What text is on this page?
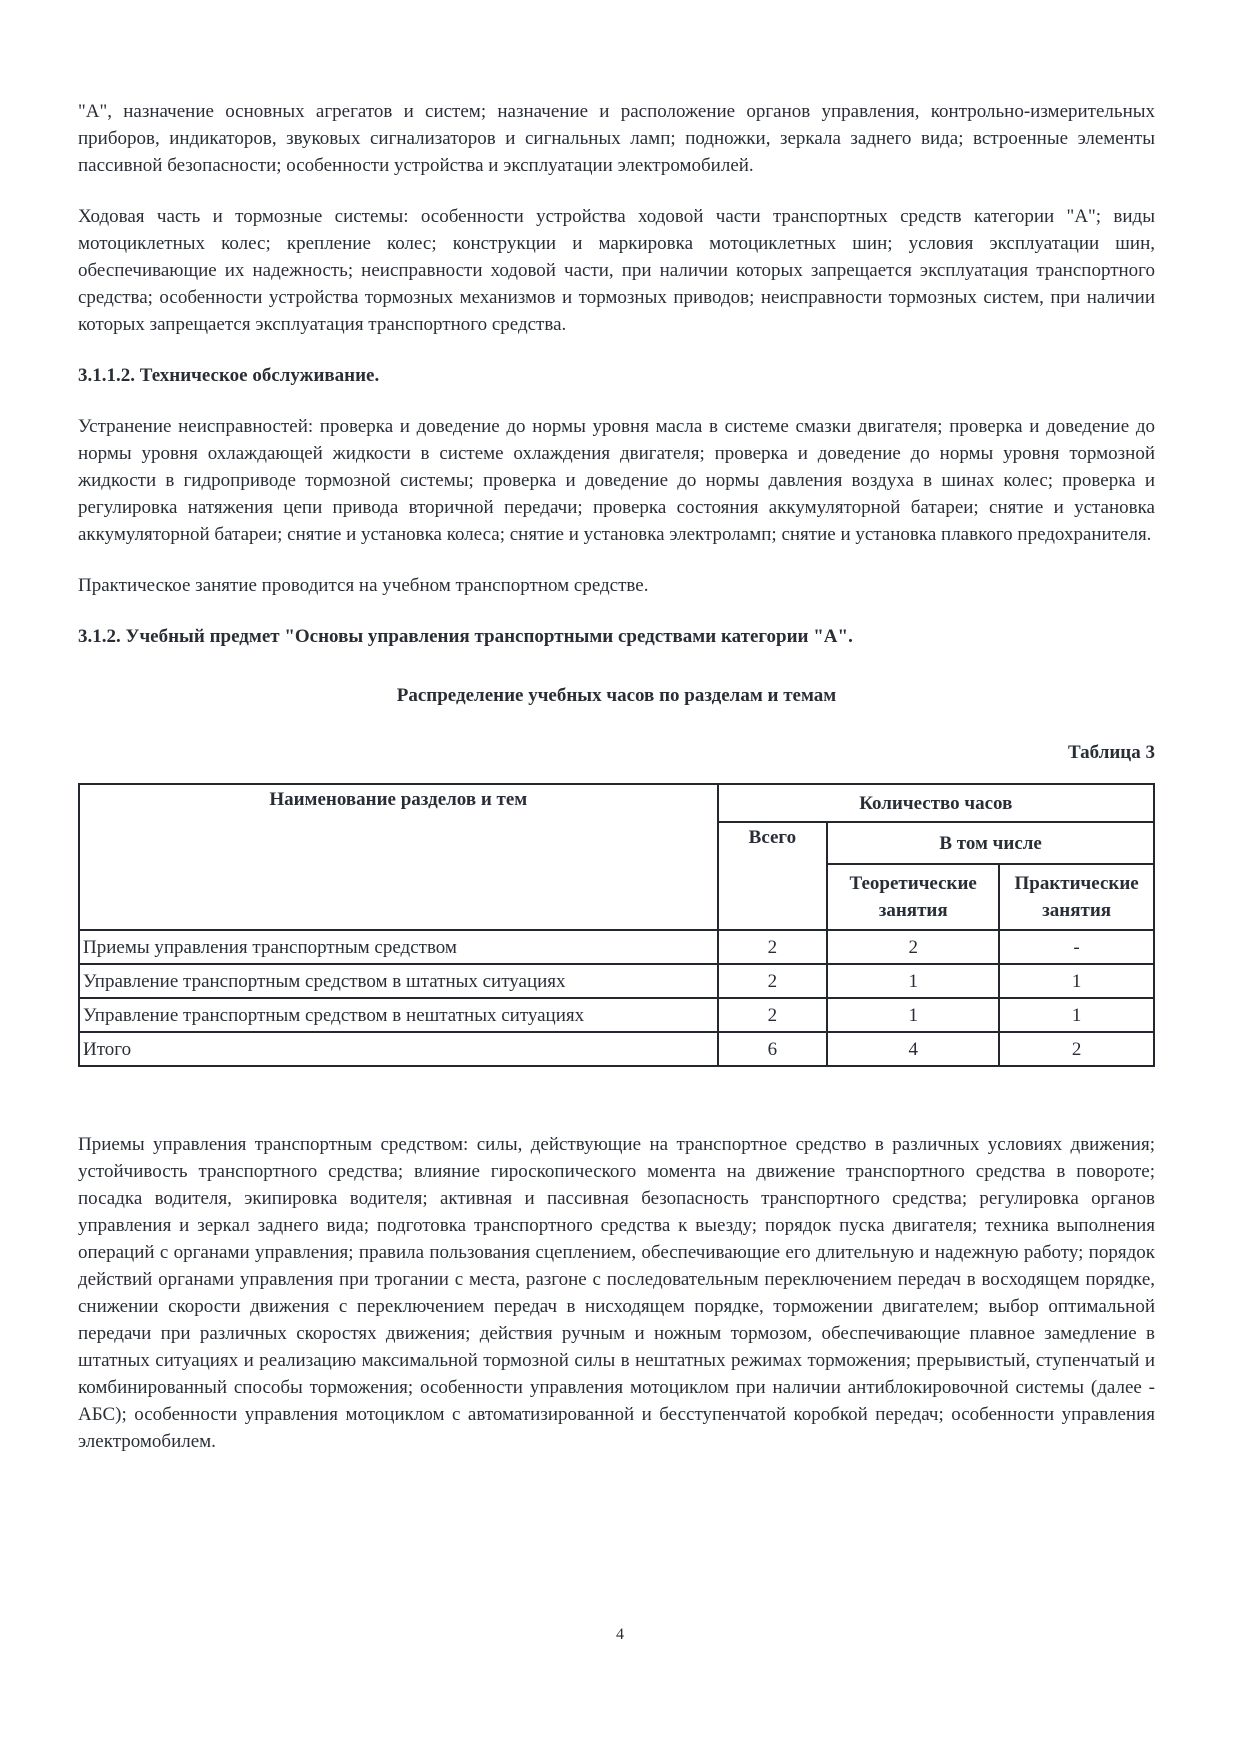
"А", назначение основных агрегатов и систем; назначение и расположение органов управления, контрольно-измерительных приборов, индикаторов, звуковых сигнализаторов и сигнальных ламп; подножки, зеркала заднего вида; встроенные элементы пассивной безопасности; особенности устройства и эксплуатации электромобилей.

Ходовая часть и тормозные системы: особенности устройства ходовой части транспортных средств категории "А"; виды мотоциклетных колес; крепление колес; конструкции и маркировка мотоциклетных шин; условия эксплуатации шин, обеспечивающие их надежность; неисправности ходовой части, при наличии которых запрещается эксплуатация транспортного средства; особенности устройства тормозных механизмов и тормозных приводов; неисправности тормозных систем, при наличии которых запрещается эксплуатация транспортного средства.

3.1.1.2. Техническое обслуживание.

Устранение неисправностей: проверка и доведение до нормы уровня масла в системе смазки двигателя; проверка и доведение до нормы уровня охлаждающей жидкости в системе охлаждения двигателя; проверка и доведение до нормы уровня тормозной жидкости в гидроприводе тормозной системы; проверка и доведение до нормы давления воздуха в шинах колес; проверка и регулировка натяжения цепи привода вторичной передачи; проверка состояния аккумуляторной батареи; снятие и установка аккумуляторной батареи; снятие и установка колеса; снятие и установка электроламп; снятие и установка плавкого предохранителя.

Практическое занятие проводится на учебном транспортном средстве.

3.1.2. Учебный предмет "Основы управления транспортными средствами категории "А".

Распределение учебных часов по разделам и темам

Таблица 3

Наименование разделов и тем	Количество часов		
	Всего	В том числе	
		Теоретические занятия	Практические занятия
Приемы управления транспортным средством	2	2	-
Управление транспортным средством в штатных ситуациях	2	1	1
Управление транспортным средством в нештатных ситуациях	2	1	1
Итого	6	4	2

Приемы управления транспортным средством: силы, действующие на транспортное средство в различных условиях движения; устойчивость транспортного средства; влияние гироскопического момента на движение транспортного средства в повороте; посадка водителя, экипировка водителя; активная и пассивная безопасность транспортного средства; регулировка органов управления и зеркал заднего вида; подготовка транспортного средства к выезду; порядок пуска двигателя; техника выполнения операций с органами управления; правила пользования сцеплением, обеспечивающие его длительную и надежную работу; порядок действий органами управления при трогании с места, разгоне с последовательным переключением передач в восходящем порядке, снижении скорости движения с переключением передач в нисходящем порядке, торможении двигателем; выбор оптимальной передачи при различных скоростях движения; действия ручным и ножным тормозом, обеспечивающие плавное замедление в штатных ситуациях и реализацию максимальной тормозной силы в нештатных режимах торможения; прерывистый, ступенчатый и комбинированный способы торможения; особенности управления мотоциклом при наличии антиблокировочной системы (далее - АБС); особенности управления мотоциклом с автоматизированной и бесступенчатой коробкой передач; особенности управления электромобилем.

4
